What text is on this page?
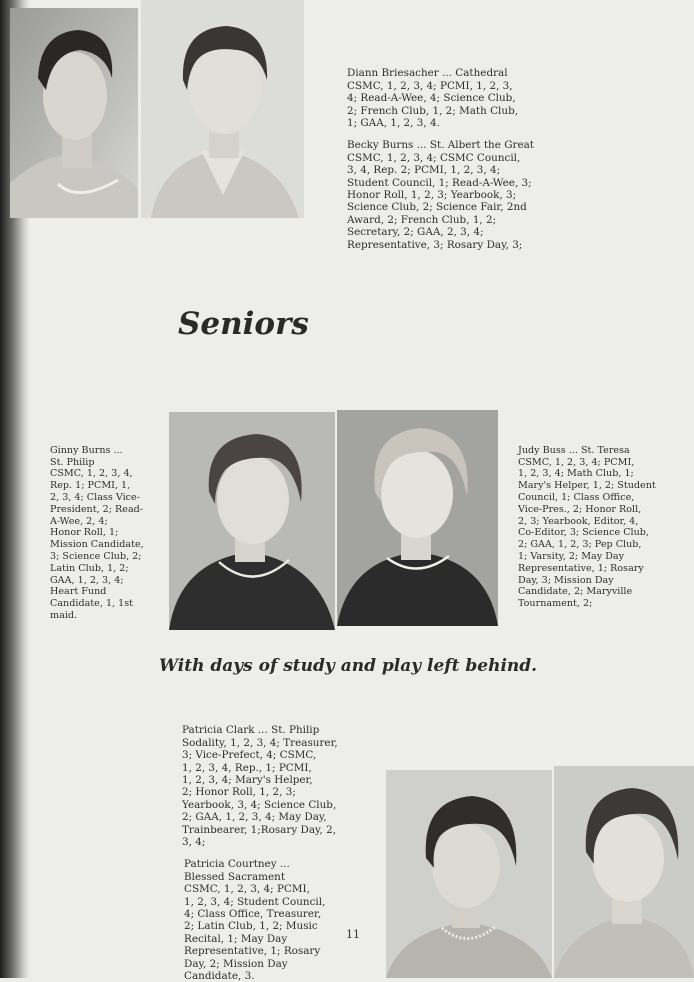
Diann Briesacher ... Cathedral
CSMC, 1, 2, 3, 4; PCMI, 1, 2, 3,
4; Read-A-Wee, 4; Science Club,
2; French Club, 1, 2; Math Club,
1; GAA, 1, 2, 3, 4.

Becky Burns ... St. Albert the Great
CSMC, 1, 2, 3, 4; CSMC Council,
3, 4, Rep. 2; PCMI, 1, 2, 3, 4;
Student Council, 1; Read-A-Wee, 3;
Honor Roll, 1, 2, 3; Yearbook, 3;
Science Club, 2; Science Fair, 2nd
Award, 2; French Club, 1, 2;
Secretary, 2; GAA, 2, 3, 4;
Representative, 3; Rosary Day, 3;

Seniors

Ginny Burns ...
St. Philip
CSMC, 1, 2, 3, 4,
Rep. 1; PCMI, 1,
2, 3, 4; Class Vice-
President, 2; Read-
A-Wee, 2, 4;
Honor Roll, 1;
Mission Candidate,
3; Science Club, 2;
Latin Club, 1, 2;
GAA, 1, 2, 3, 4;
Heart Fund
Candidate, 1, 1st
maid.

Judy Buss ... St. Teresa
CSMC, 1, 2, 3, 4; PCMI,
1, 2, 3, 4; Math Club, 1;
Mary's Helper, 1, 2; Student
Council, 1; Class Office,
Vice-Pres., 2; Honor Roll,
2, 3; Yearbook, Editor, 4,
Co-Editor, 3; Science Club,
2; GAA, 1, 2, 3; Pep Club,
1; Varsity, 2; May Day
Representative, 1; Rosary
Day, 3; Mission Day
Candidate, 2; Maryville
Tournament, 2;

With days of study and play left behind.

Patricia Clark ... St. Philip
Sodality, 1, 2, 3, 4; Treasurer,
3; Vice-Prefect, 4; CSMC,
1, 2, 3, 4, Rep., 1; PCMI,
1, 2, 3, 4; Mary's Helper,
2; Honor Roll, 1, 2, 3;
Yearbook, 3, 4; Science Club,
2; GAA, 1, 2, 3, 4; May Day,
Trainbearer, 1;Rosary Day, 2,
3, 4;

Patricia Courtney ...
Blessed Sacrament
CSMC, 1, 2, 3, 4; PCMI,
1, 2, 3, 4; Student Council,
4; Class Office, Treasurer,
2; Latin Club, 1, 2; Music
Recital, 1; May Day
Representative, 1; Rosary
Day, 2; Mission Day
Candidate, 3.

11
